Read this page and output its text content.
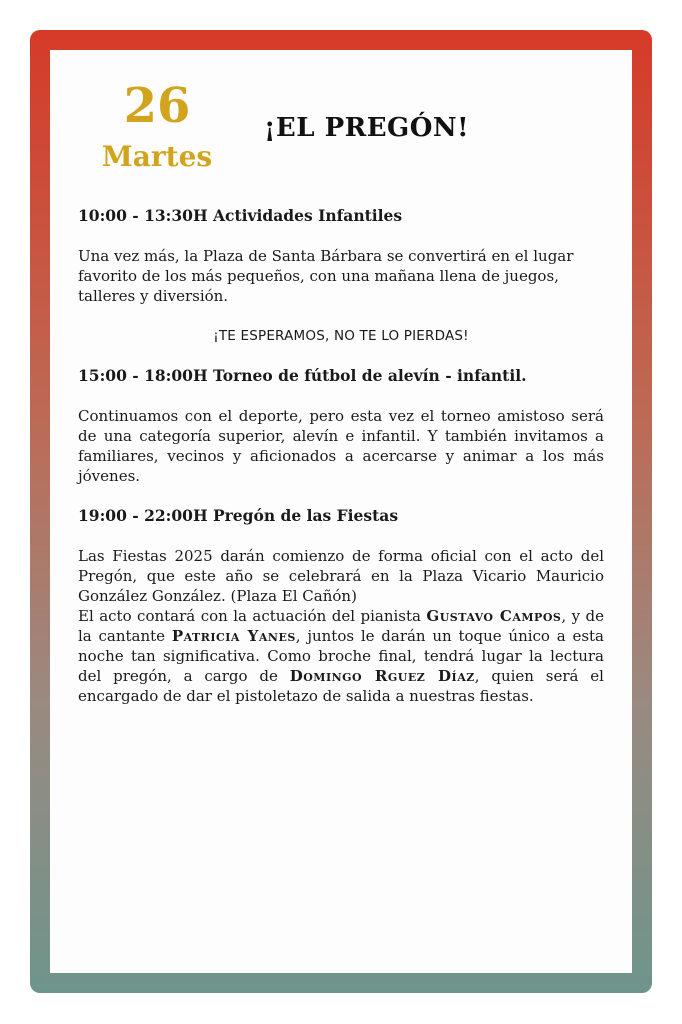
26
Martes
¡EL PREGÓN!

10:00 - 13:30H Actividades Infantiles

Una vez más, la Plaza de Santa Bárbara se convertirá en el lugar favorito de los más pequeños, con una mañana llena de juegos, talleres y diversión.

¡TE ESPERAMOS, NO TE LO PIERDAS!

15:00 - 18:00H Torneo de fútbol de alevín - infantil.

Continuamos con el deporte, pero esta vez el torneo amistoso será de una categoría superior, alevín e infantil. Y también invitamos a familiares, vecinos y aficionados a acercarse y animar a los más jóvenes.

19:00 - 22:00H Pregón de las Fiestas

Las Fiestas 2025 darán comienzo de forma oficial con el acto del Pregón, que este año se celebrará en la Plaza Vicario Mauricio González González. (Plaza El Cañón)

El acto contará con la actuación del pianista Gustavo Campos, y de la cantante Patricia Yanes, juntos le darán un toque único a esta noche tan significativa. Como broche final, tendrá lugar la lectura del pregón, a cargo de Domingo Rguez Díaz, quien será el encargado de dar el pistoletazo de salida a nuestras fiestas.
